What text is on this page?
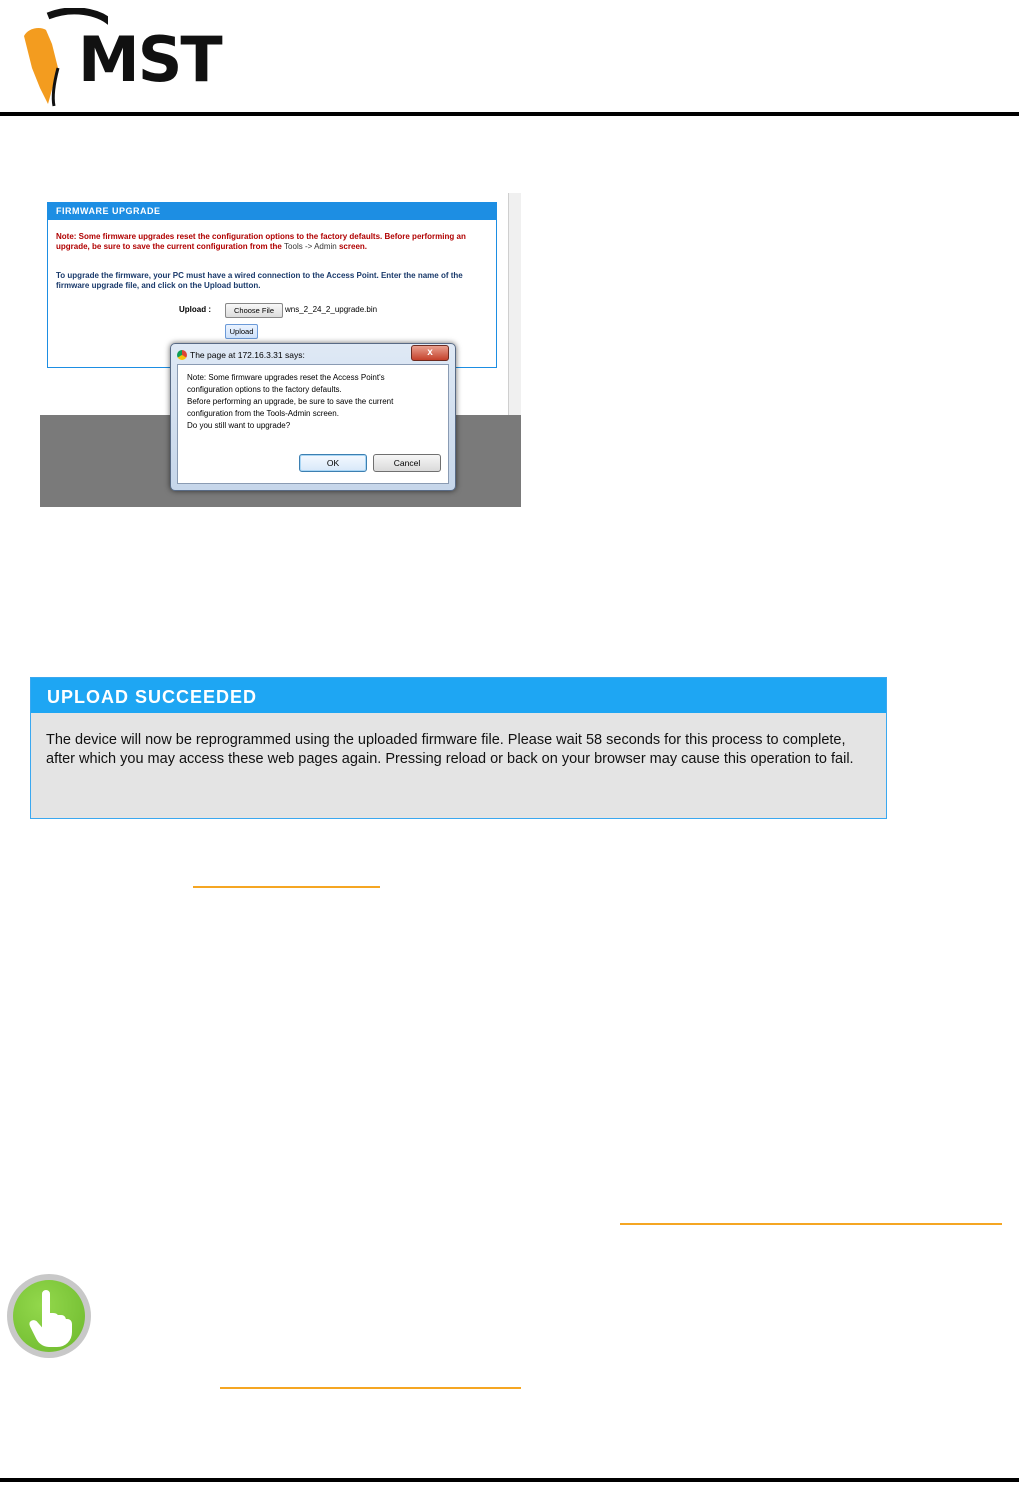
MST
FIRMWARE UPGRADE
Note: Some firmware upgrades reset the configuration options to the factory defaults. Before performing an upgrade, be sure to save the current configuration from the Tools -> Admin screen.
To upgrade the firmware, your PC must have a wired connection to the Access Point. Enter the name of the firmware upgrade file, and click on the Upload button.
Upload :	Choose File	wns_2_24_2_upgrade.bin
Upload
The page at 172.16.3.31 says:	x
Note: Some firmware upgrades reset the Access Point's
configuration options to the factory defaults.
Before performing an upgrade, be sure to save the current
configuration from the Tools-Admin screen.
Do you still want to upgrade?
OK	Cancel
UPLOAD SUCCEEDED
The device will now be reprogrammed using the uploaded firmware file. Please wait 58 seconds for this process to complete, after which you may access these web pages again. Pressing reload or back on your browser may cause this operation to fail.
